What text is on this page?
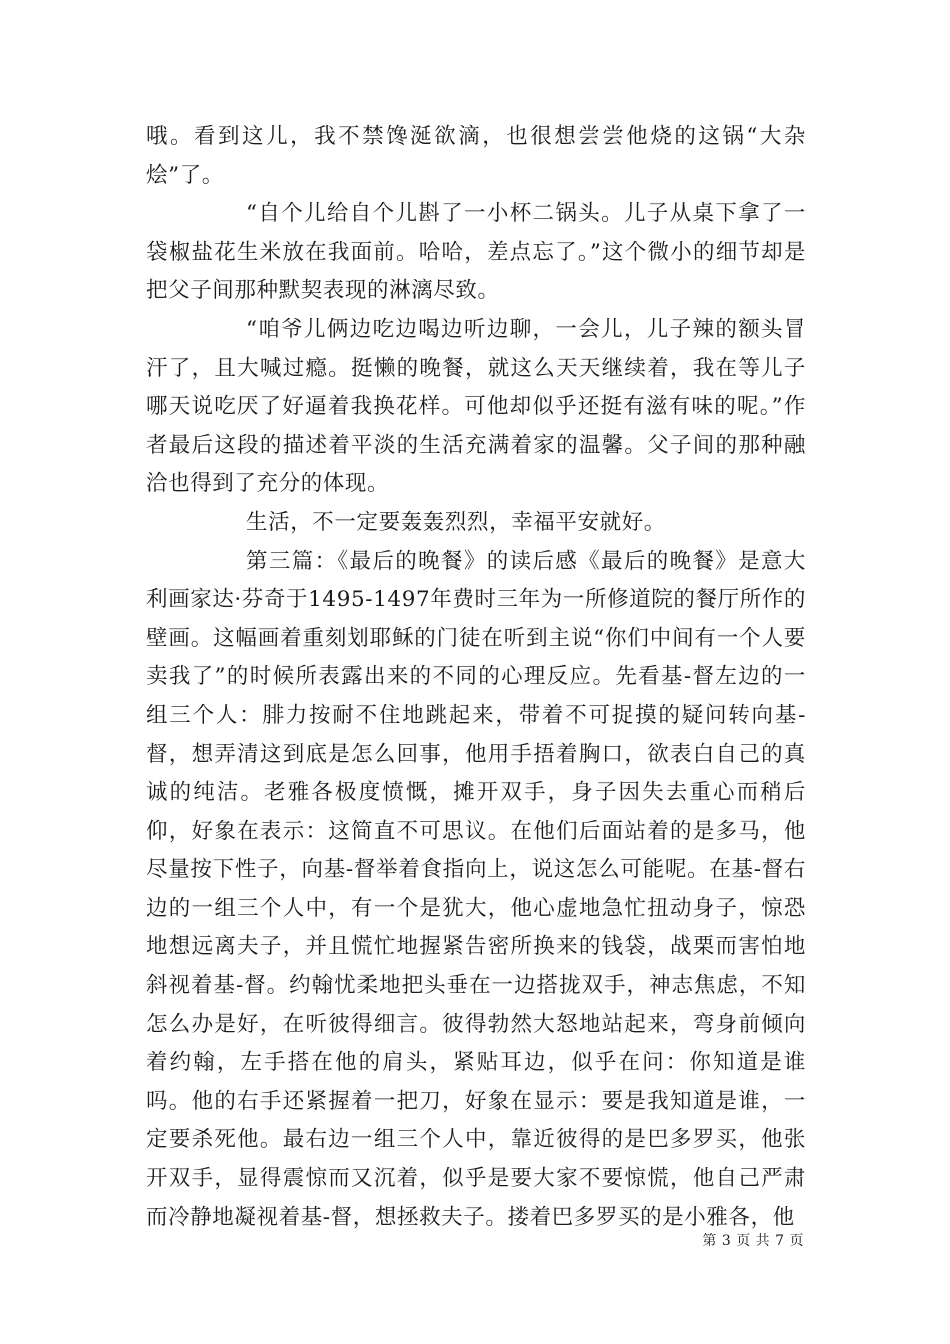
哦。看到这儿，我不禁馋涎欲滴，也很想尝尝他烧的这锅“大杂烩”了。

“自个儿给自个儿斟了一小杯二锅头。儿子从桌下拿了一袋椒盐花生米放在我面前。哈哈，差点忘了。”这个微小的细节却是把父子间那种默契表现的淋漓尽致。

“咱爷儿俩边吃边喝边听边聊，一会儿，儿子辣的额头冒汗了，且大喊过瘾。挺懒的晚餐，就这么天天继续着，我在等儿子哪天说吃厌了好逼着我换花样。可他却似乎还挺有滋有味的呢。”作者最后这段的描述着平淡的生活充满着家的温馨。父子间的那种融洽也得到了充分的体现。

生活，不一定要轰轰烈烈，幸福平安就好。

第三篇：《最后的晚餐》的读后感《最后的晚餐》是意大利画家达·芬奇于1495-1497年费时三年为一所修道院的餐厅所作的壁画。这幅画着重刻划耶稣的门徒在听到主说“你们中间有一个人要卖我了”的时候所表露出来的不同的心理反应。先看基-督左边的一组三个人：腓力按耐不住地跳起来，带着不可捉摸的疑问转向基-督，想弄清这到底是怎么回事，他用手捂着胸口，欲表白自己的真诚的纯洁。老雅各极度愤慨，摊开双手，身子因失去重心而稍后仰，好象在表示：这简直不可思议。在他们后面站着的是多马，他尽量按下性子，向基-督举着食指向上，说这怎么可能呢。在基-督右边的一组三个人中，有一个是犹大，他心虚地急忙扭动身子，惊恐地想远离夫子，并且慌忙地握紧告密所换来的钱袋，战栗而害怕地斜视着基-督。约翰忧柔地把头垂在一边搭拢双手，神志焦虑，不知怎么办是好，在听彼得细言。彼得勃然大怒地站起来，弯身前倾向着约翰，左手搭在他的肩头，紧贴耳边，似乎在问：你知道是谁吗。他的右手还紧握着一把刀，好象在显示：要是我知道是谁，一定要杀死他。最右边一组三个人中，靠近彼得的是巴多罗买，他张开双手，显得震惊而又沉着，似乎是要大家不要惊慌，他自己严肃而冷静地凝视着基-督，想拯救夫子。搂着巴多罗买的是小雅各，他

第 3 页 共 7 页
